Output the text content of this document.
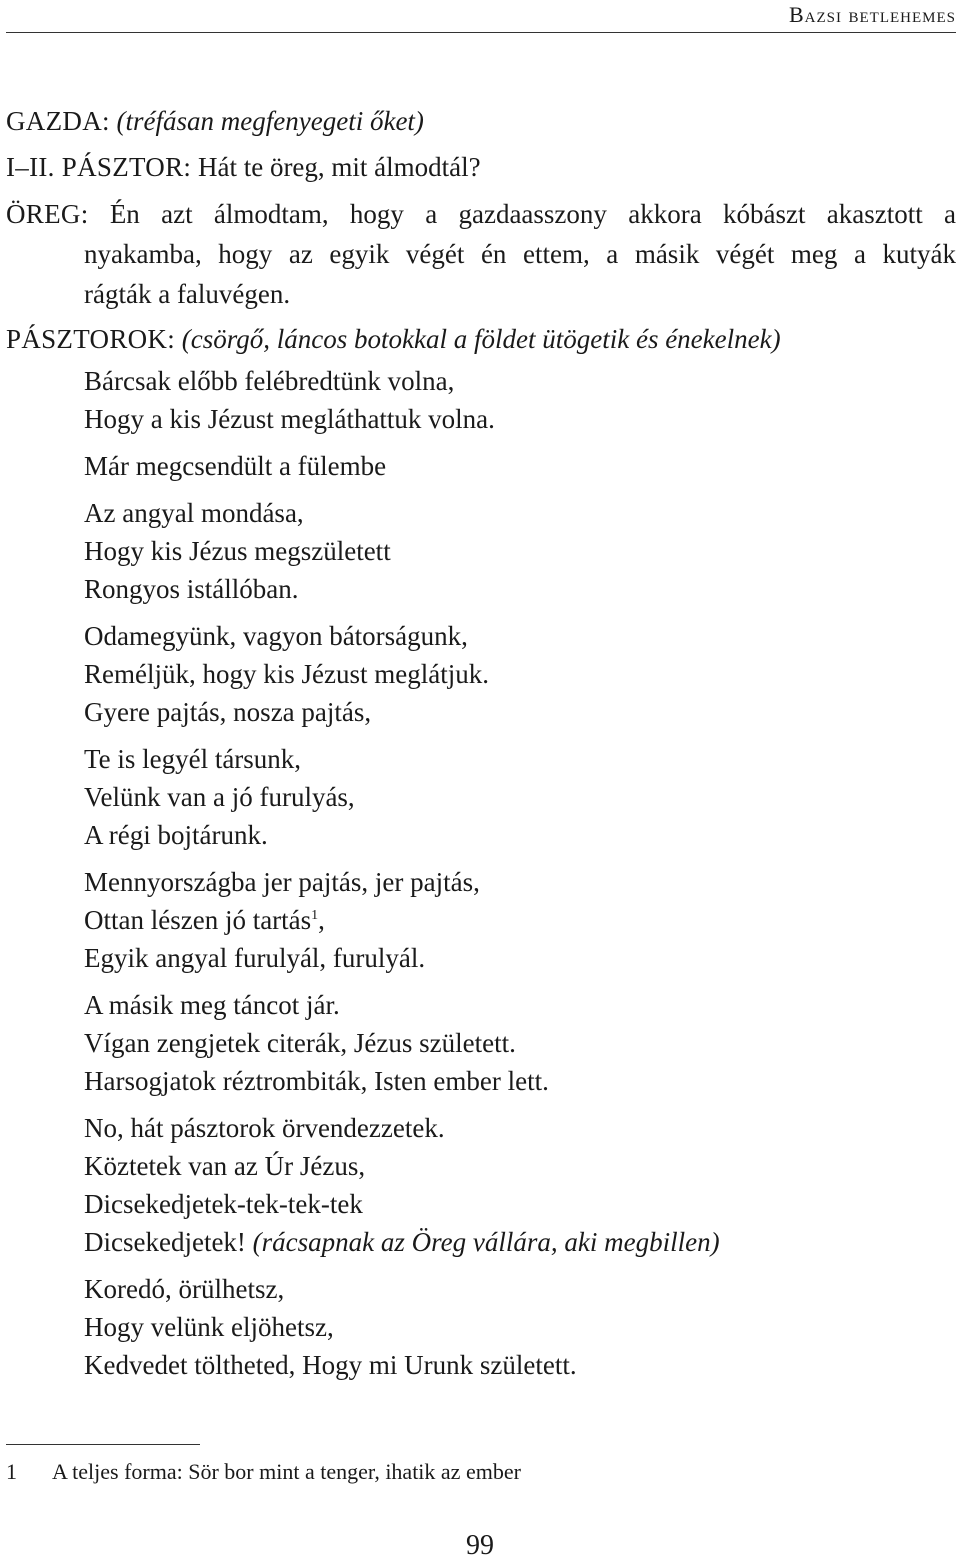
Bazsi betlehemes
GAZDA: (tréfásan megfenyegeti őket)
I–II. PÁSZTOR: Hát te öreg, mit álmodtál?
ÖREG: Én azt álmodtam, hogy a gazdaasszony akkora kóbászt akasztott a
nyakamba, hogy az egyik végét én ettem, a másik végét meg a kutyák
rágták a faluvégen.
PÁSZTOROK: (csörgő, láncos botokkal a földet ütögetik és énekelnek)
Bárcsak előbb felébredtünk volna,
Hogy a kis Jézust megláthattuk volna.
Már megcsendült a fülembe
Az angyal mondása,
Hogy kis Jézus megszületett
Rongyos istállóban.
Odamegyünk, vagyon bátorságunk,
Reméljük, hogy kis Jézust meglátjuk.
Gyere pajtás, nosza pajtás,
Te is legyél társunk,
Velünk van a jó furulyás,
A régi bojtárunk.
Mennyországba jer pajtás, jer pajtás,
Ottan lészen jó tartás$^1$,
Egyik angyal furulyál, furulyál.
A másik meg táncot jár.
Vígan zengjetek citerák, Jézus született.
Harsogjatok réztrombiták, Isten ember lett.
No, hát pásztorok örvendezzetek.
Köztetek van az Úr Jézus,
Dicsekedjetek-tek-tek-tek
Dicsekedjetek! (rácsapnak az Öreg vállára, aki megbillen)
Koredó, örülhetsz,
Hogy velünk eljöhetsz,
Kedvedet töltheted, Hogy mi Urunk született.
1 A teljes forma: Sör bor mint a tenger, ihatik az ember
99
